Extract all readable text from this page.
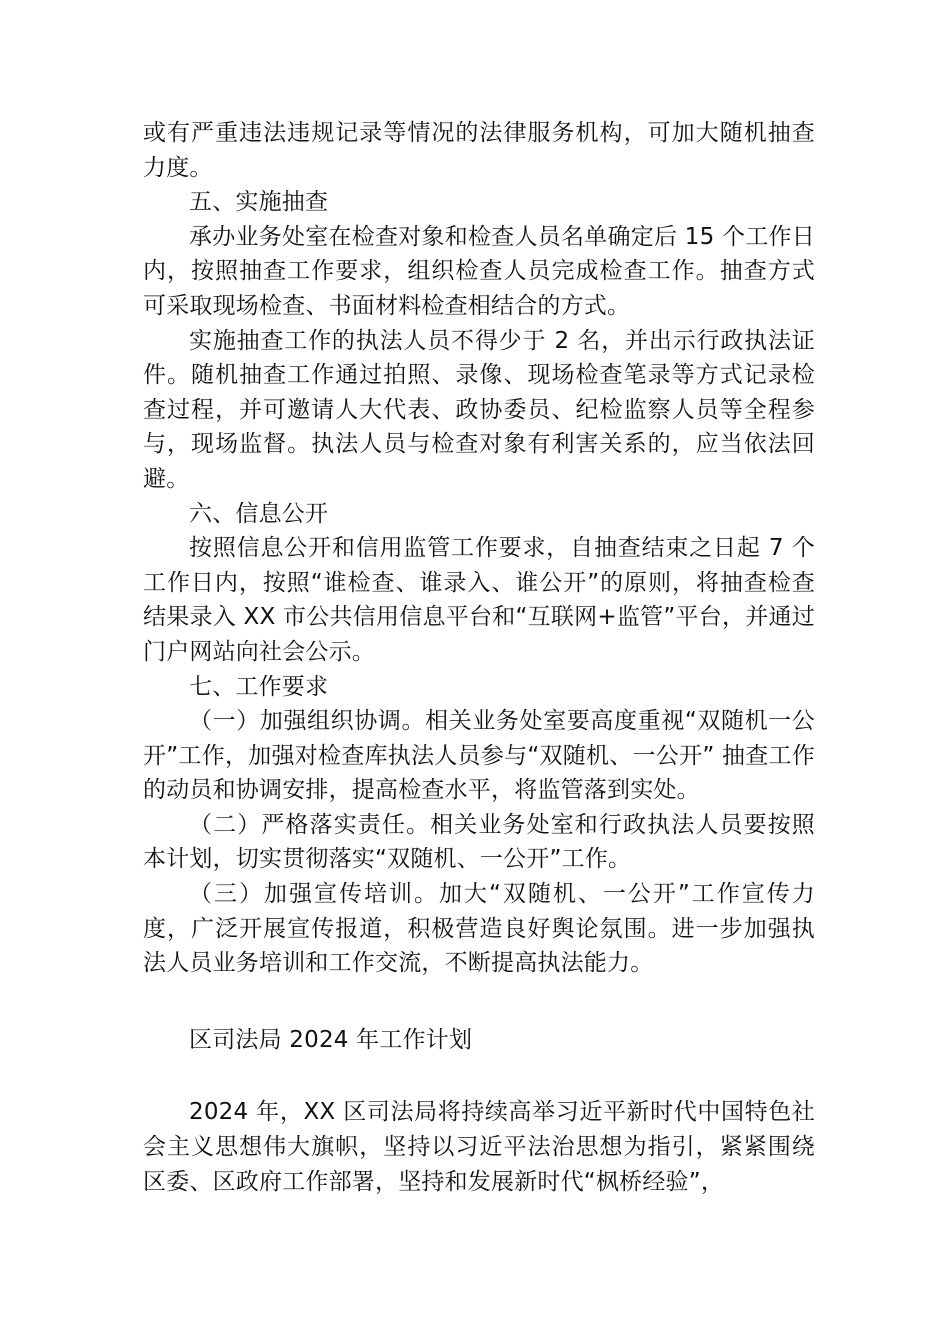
或有严重违法违规记录等情况的法律服务机构，可加大随机抽查力度。

五、实施抽查

承办业务处室在检查对象和检查人员名单确定后 15 个工作日内，按照抽查工作要求，组织检查人员完成检查工作。抽查方式可采取现场检查、书面材料检查相结合的方式。

实施抽查工作的执法人员不得少于 2 名，并出示行政执法证件。随机抽查工作通过拍照、录像、现场检查笔录等方式记录检查过程，并可邀请人大代表、政协委员、纪检监察人员等全程参与，现场监督。执法人员与检查对象有利害关系的，应当依法回避。

六、信息公开

按照信息公开和信用监管工作要求，自抽查结束之日起 7 个工作日内，按照“谁检查、谁录入、谁公开”的原则，将抽查检查结果录入 XX 市公共信用信息平台和“互联网+监管”平台，并通过门户网站向社会公示。

七、工作要求

（一）加强组织协调。相关业务处室要高度重视“双随机一公开”工作，加强对检查库执法人员参与“双随机、一公开” 抽查工作的动员和协调安排，提高检查水平，将监管落到实处。

（二）严格落实责任。相关业务处室和行政执法人员要按照本计划，切实贯彻落实“双随机、一公开”工作。

（三）加强宣传培训。加大“双随机、一公开”工作宣传力度，广泛开展宣传报道，积极营造良好舆论氛围。进一步加强执法人员业务培训和工作交流，不断提高执法能力。

区司法局 2024 年工作计划

2024 年，XX 区司法局将持续高举习近平新时代中国特色社会主义思想伟大旗帜，坚持以习近平法治思想为指引，紧紧围绕区委、区政府工作部署，坚持和发展新时代“枫桥经验”，
